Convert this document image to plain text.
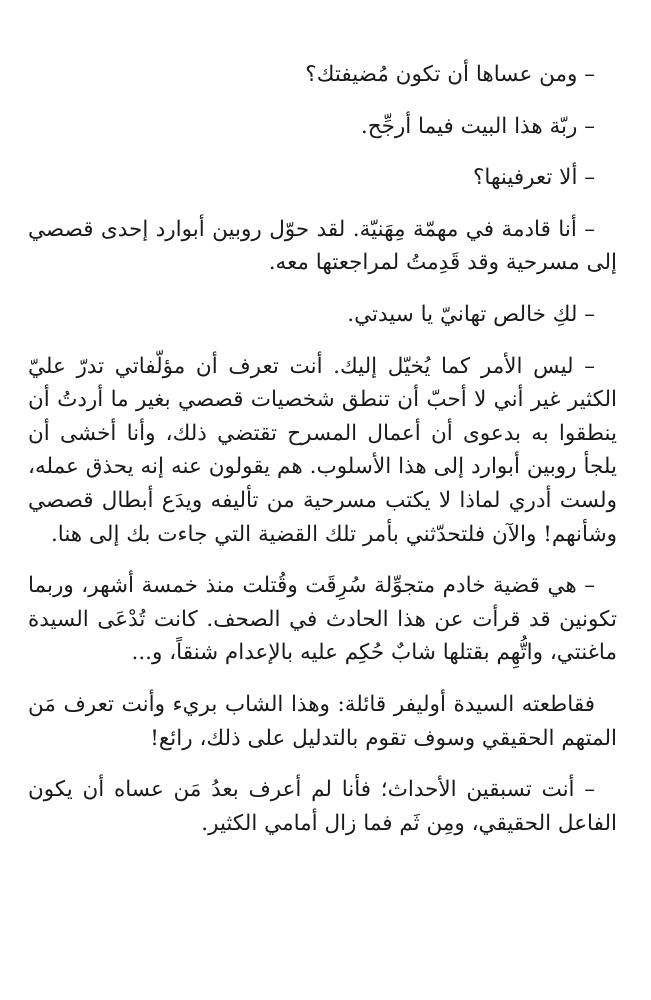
– ومن عساها أن تكون مُضيفتك؟

– ربّة هذا البيت فيما أرجِّح.

– ألا تعرفينها؟

– أنا قادمة في مهمّة مِهَنيّة. لقد حوّل روبين أبوارد إحدى قصصي إلى مسرحية وقد قَدِمتُ لمراجعتها معه.

– لكِ خالص تهانيّ يا سيدتي.

– ليس الأمر كما يُخيّل إليك. أنت تعرف أن مؤلّفاتي تدرّ عليّ الكثير غير أني لا أحبّ أن تنطق شخصيات قصصي بغير ما أردتُ أن ينطقوا به بدعوى أن أعمال المسرح تقتضي ذلك، وأنا أخشى أن يلجأ روبين أبوارد إلى هذا الأسلوب. هم يقولون عنه إنه يحذق عمله، ولست أدري لماذا لا يكتب مسرحية من تأليفه ويدَع أبطال قصصي وشأنهم! والآن فلتحدّثني بأمر تلك القضية التي جاءت بك إلى هنا.

– هي قضية خادم متجوِّلة سُرِقَت وقُتلت منذ خمسة أشهر، وربما تكونين قد قرأت عن هذا الحادث في الصحف. كانت تُدْعَى السيدة ماغنتي، واتُّهِم بقتلها شابٌ حُكِم عليه بالإعدام شنقاً، و...

فقاطعته السيدة أوليفر قائلة: وهذا الشاب بريء وأنت تعرف مَن المتهم الحقيقي وسوف تقوم بالتدليل على ذلك، رائع!

– أنت تسبقين الأحداث؛ فأنا لم أعرف بعدُ مَن عساه أن يكون الفاعل الحقيقي، ومِن ثَم فما زال أمامي الكثير.
